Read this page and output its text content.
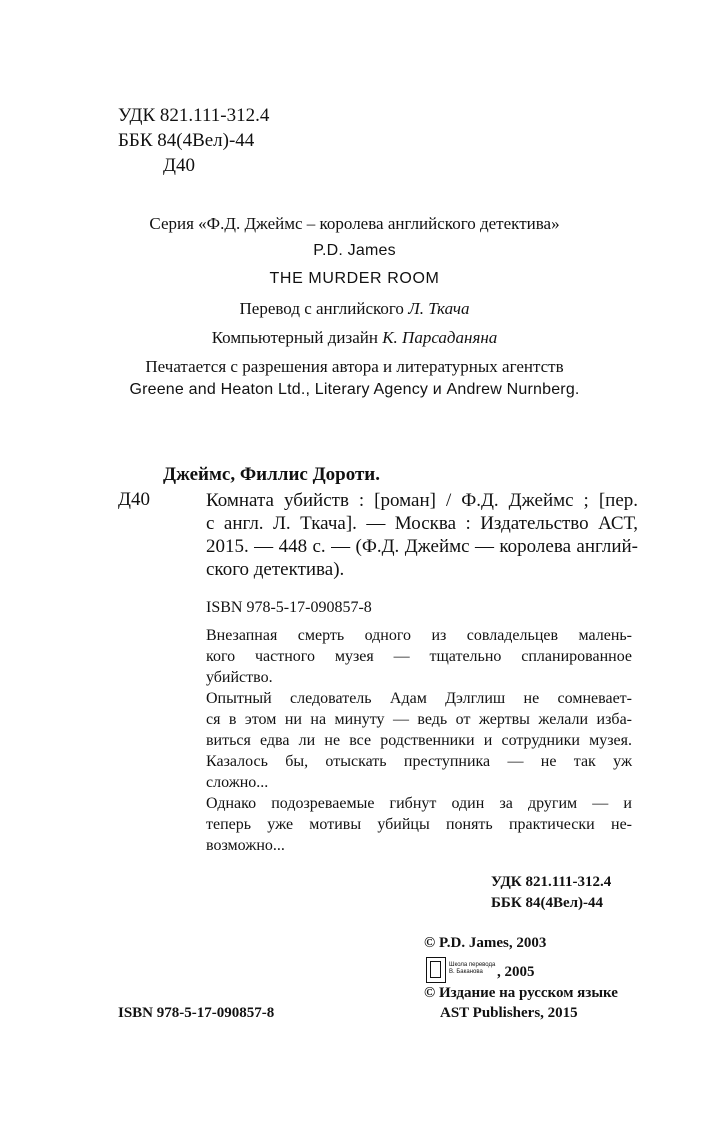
УДК 821.111-312.4
ББК 84(4Вел)-44
Д40
Серия «Ф.Д. Джеймс – королева английского детектива»
P.D. James
THE MURDER ROOM
Перевод с английского Л. Ткача
Компьютерный дизайн К. Парсаданяна
Печатается с разрешения автора и литературных агентств
Greene and Heaton Ltd., Literary Agency и Andrew Nurnberg.
Джеймс, Филлис Дороти.
Д40	Комната убийств : [роман] / Ф.Д. Джеймс ; [пер.
с англ. Л. Ткача]. — Москва : Издательство АСТ,
2015. — 448 с. — (Ф.Д. Джеймс — королева англий-
ского детектива).
ISBN 978-5-17-090857-8
Внезапная смерть одного из совладельцев малень-
кого частного музея — тщательно спланированное
убийство.
Опытный следователь Адам Дэлглиш не сомневает-
ся в этом ни на минуту — ведь от жертвы желали изба-
виться едва ли не все родственники и сотрудники музея.
Казалось бы, отыскать преступника — не так уж
сложно...
Однако подозреваемые гибнут один за другим — и
теперь уже мотивы убийцы понять практически не-
возможно...
УДК 821.111-312.4
ББК 84(4Вел)-44
© P.D. James, 2003
Школа перевода
В. Баканова , 2005
© Издание на русском языке
AST Publishers, 2015
ISBN 978-5-17-090857-8
